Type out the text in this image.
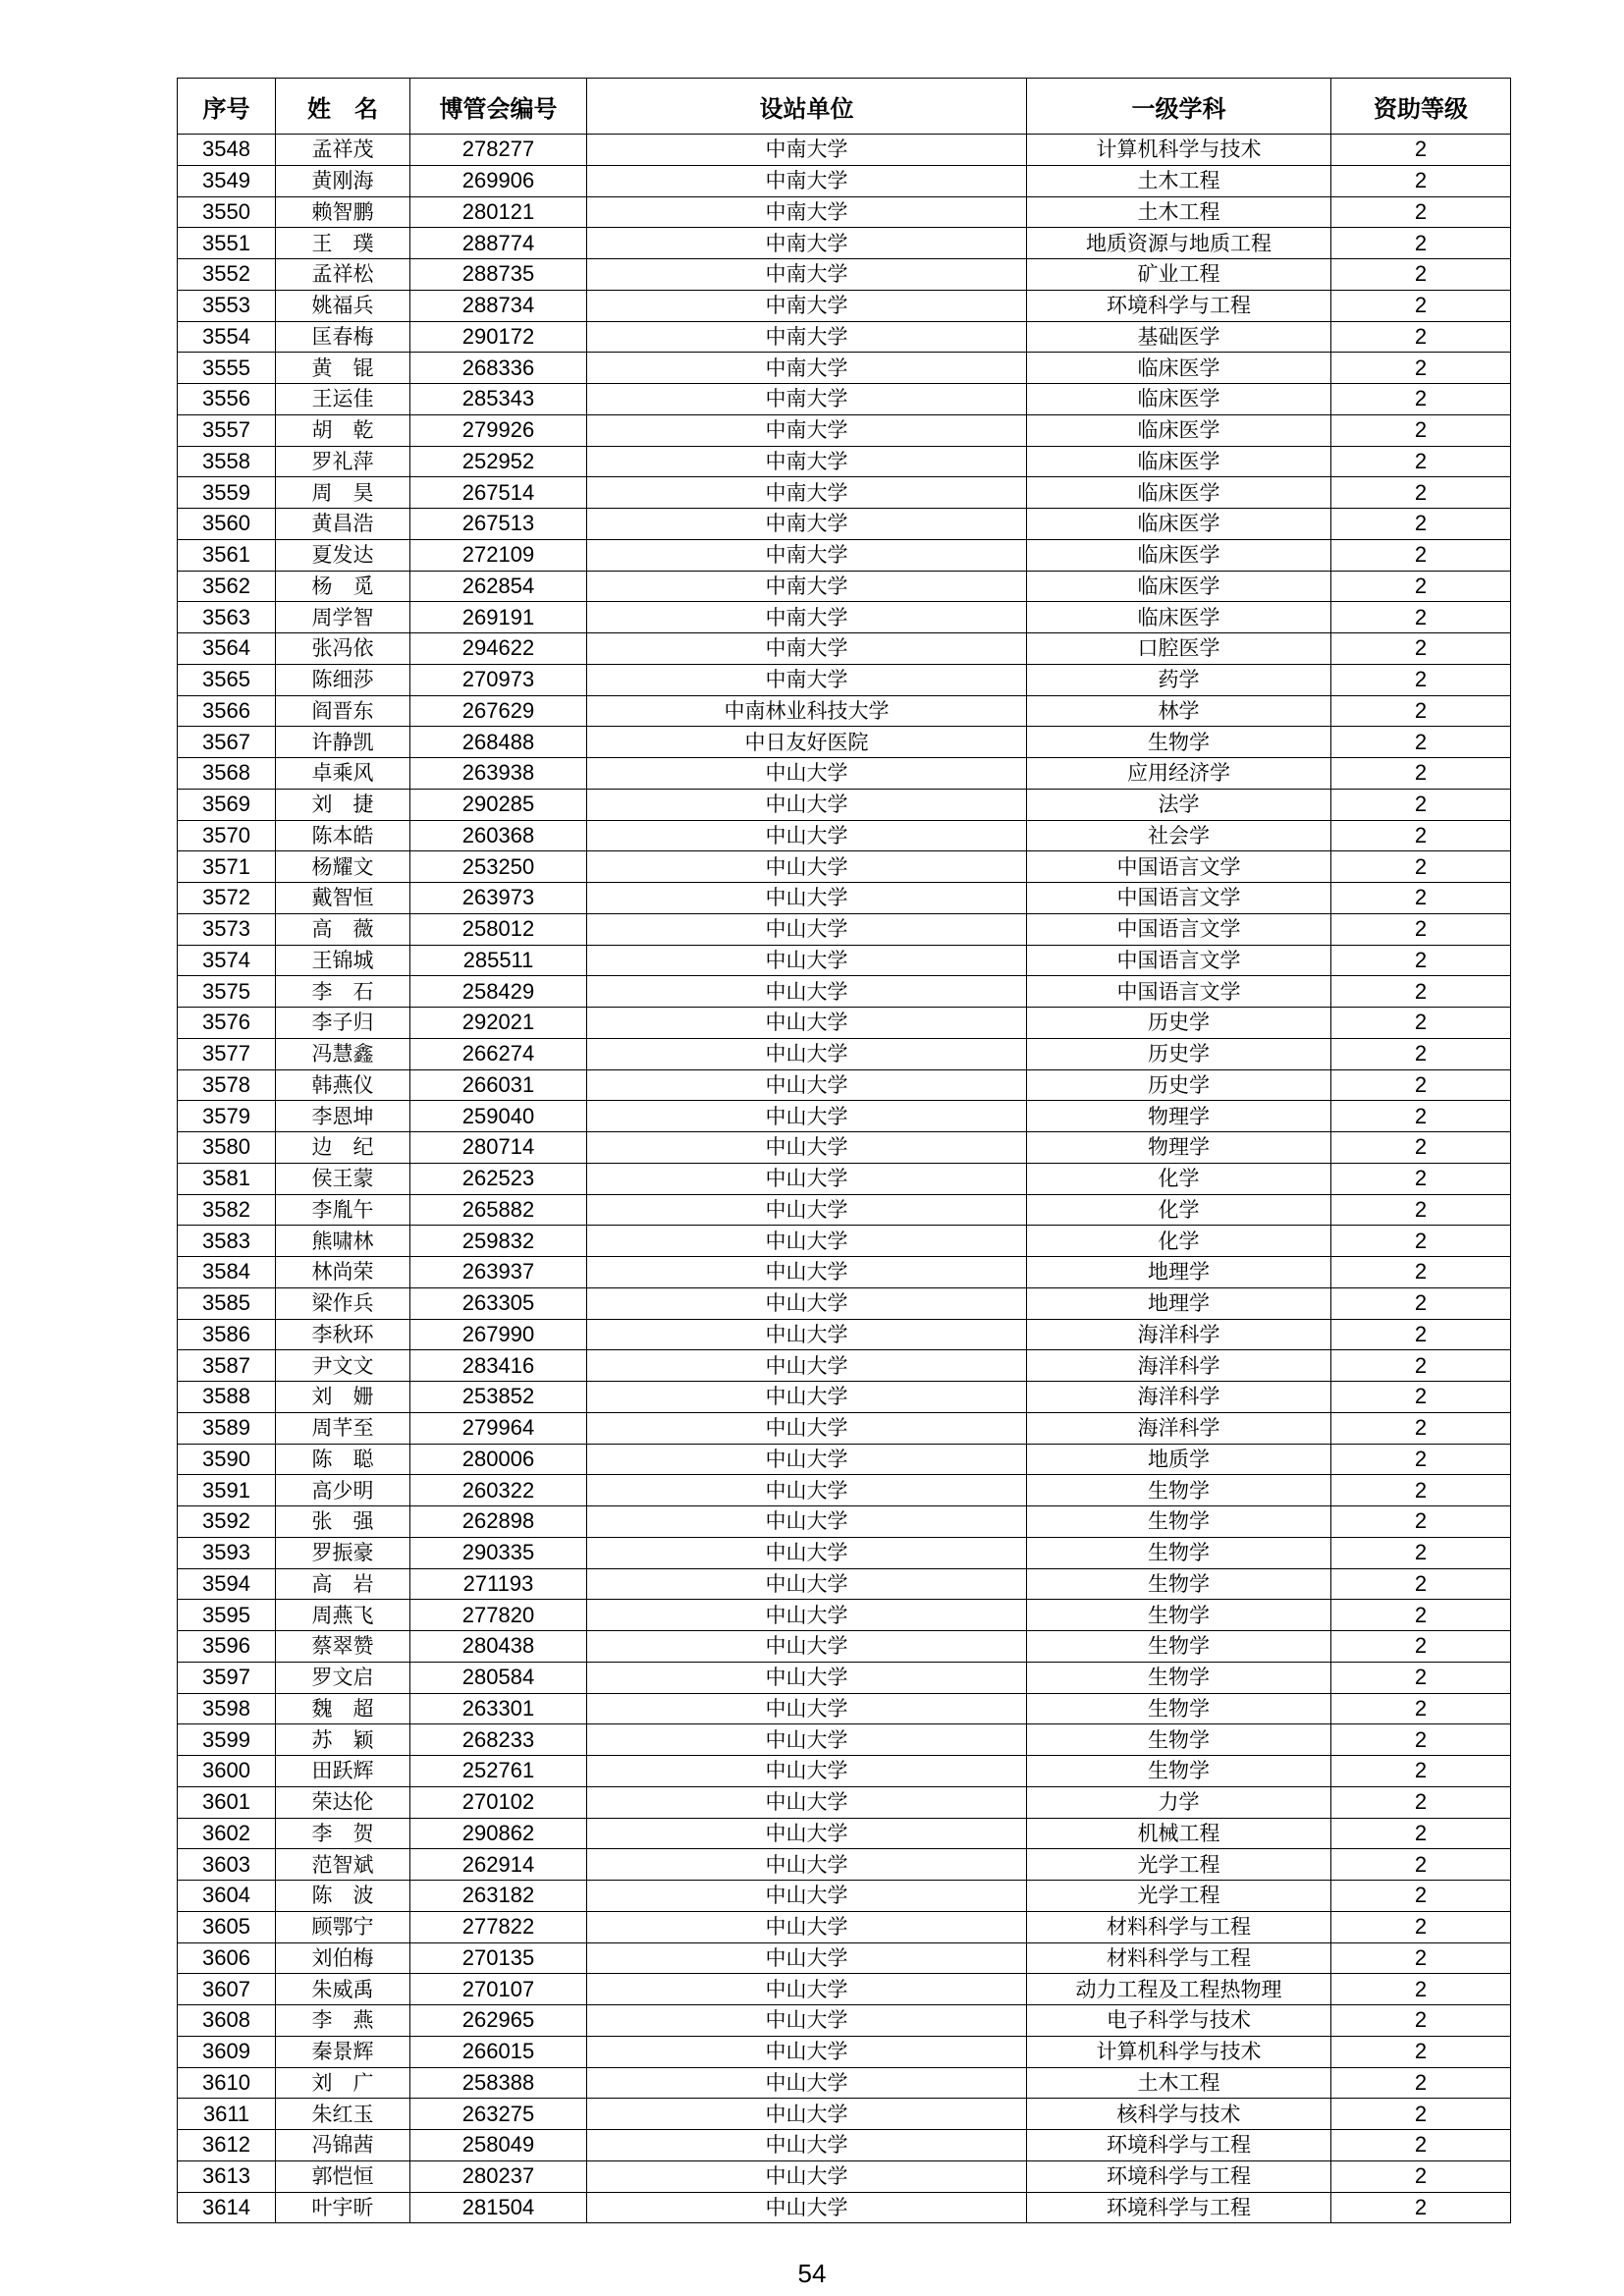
序号	姓　名	博管会编号	设站单位	一级学科	资助等级
3548	孟祥茂	278277	中南大学	计算机科学与技术	2
3549	黄刚海	269906	中南大学	土木工程	2
3550	赖智鹏	280121	中南大学	土木工程	2
3551	王　璞	288774	中南大学	地质资源与地质工程	2
3552	孟祥松	288735	中南大学	矿业工程	2
3553	姚福兵	288734	中南大学	环境科学与工程	2
3554	匡春梅	290172	中南大学	基础医学	2
3555	黄　锟	268336	中南大学	临床医学	2
3556	王运佳	285343	中南大学	临床医学	2
3557	胡　乾	279926	中南大学	临床医学	2
3558	罗礼萍	252952	中南大学	临床医学	2
3559	周　昊	267514	中南大学	临床医学	2
3560	黄昌浩	267513	中南大学	临床医学	2
3561	夏发达	272109	中南大学	临床医学	2
3562	杨　觅	262854	中南大学	临床医学	2
3563	周学智	269191	中南大学	临床医学	2
3564	张冯依	294622	中南大学	口腔医学	2
3565	陈细莎	270973	中南大学	药学	2
3566	阎晋东	267629	中南林业科技大学	林学	2
3567	许静凯	268488	中日友好医院	生物学	2
3568	卓乘风	263938	中山大学	应用经济学	2
3569	刘　捷	290285	中山大学	法学	2
3570	陈本皓	260368	中山大学	社会学	2
3571	杨耀文	253250	中山大学	中国语言文学	2
3572	戴智恒	263973	中山大学	中国语言文学	2
3573	高　薇	258012	中山大学	中国语言文学	2
3574	王锦城	285511	中山大学	中国语言文学	2
3575	李　石	258429	中山大学	中国语言文学	2
3576	李子归	292021	中山大学	历史学	2
3577	冯慧鑫	266274	中山大学	历史学	2
3578	韩燕仪	266031	中山大学	历史学	2
3579	李恩坤	259040	中山大学	物理学	2
3580	边　纪	280714	中山大学	物理学	2
3581	侯王蒙	262523	中山大学	化学	2
3582	李胤午	265882	中山大学	化学	2
3583	熊啸林	259832	中山大学	化学	2
3584	林尚荣	263937	中山大学	地理学	2
3585	梁作兵	263305	中山大学	地理学	2
3586	李秋环	267990	中山大学	海洋科学	2
3587	尹文文	283416	中山大学	海洋科学	2
3588	刘　姗	253852	中山大学	海洋科学	2
3589	周芊至	279964	中山大学	海洋科学	2
3590	陈　聪	280006	中山大学	地质学	2
3591	高少明	260322	中山大学	生物学	2
3592	张　强	262898	中山大学	生物学	2
3593	罗振豪	290335	中山大学	生物学	2
3594	高　岩	271193	中山大学	生物学	2
3595	周燕飞	277820	中山大学	生物学	2
3596	蔡翠赞	280438	中山大学	生物学	2
3597	罗文启	280584	中山大学	生物学	2
3598	魏　超	263301	中山大学	生物学	2
3599	苏　颖	268233	中山大学	生物学	2
3600	田跃辉	252761	中山大学	生物学	2
3601	荣达伦	270102	中山大学	力学	2
3602	李　贺	290862	中山大学	机械工程	2
3603	范智斌	262914	中山大学	光学工程	2
3604	陈　波	263182	中山大学	光学工程	2
3605	顾鄂宁	277822	中山大学	材料科学与工程	2
3606	刘伯梅	270135	中山大学	材料科学与工程	2
3607	朱威禹	270107	中山大学	动力工程及工程热物理	2
3608	李　燕	262965	中山大学	电子科学与技术	2
3609	秦景辉	266015	中山大学	计算机科学与技术	2
3610	刘　广	258388	中山大学	土木工程	2
3611	朱红玉	263275	中山大学	核科学与技术	2
3612	冯锦茜	258049	中山大学	环境科学与工程	2
3613	郭恺恒	280237	中山大学	环境科学与工程	2
3614	叶宇昕	281504	中山大学	环境科学与工程	2
54
